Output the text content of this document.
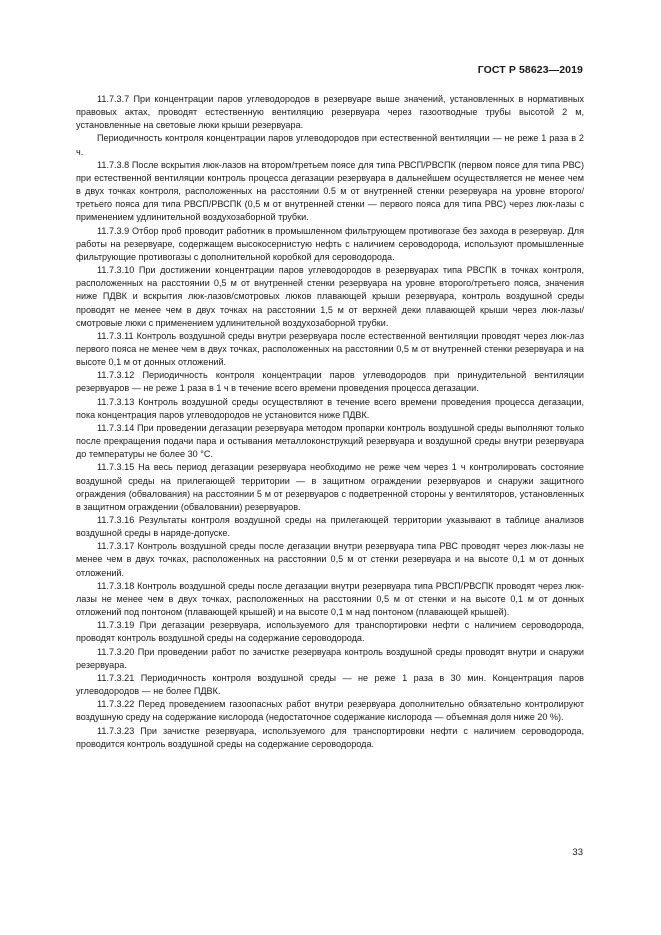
ГОСТ Р 58623—2019

11.7.3.7 При концентрации паров углеводородов в резервуаре выше значений, установленных в нормативных правовых актах, проводят естественную вентиляцию резервуара через газоотводные трубы высотой 2 м, установленные на световые люки крыши резервуара.

Периодичность контроля концентрации паров углеводородов при естественной вентиляции — не реже 1 раза в 2 ч.

11.7.3.8 После вскрытия люк-лазов на втором/третьем поясе для типа РВСП/РВСПК (первом поясе для типа РВС) при естественной вентиляции контроль процесса дегазации резервуара в дальнейшем осуществляется не менее чем в двух точках контроля, расположенных на расстоянии 0.5 м от внутренней стенки резервуара на уровне второго/третьего пояса для типа РВСП/РВСПК (0,5 м от внутренней стенки — первого пояса для типа РВС) через люк-лазы с применением удлинительной воздухозаборной трубки.

11.7.3.9 Отбор проб проводит работник в промышленном фильтрующем противогазе без захода в резервуар. Для работы на резервуаре, содержащем высокосернистую нефть с наличием сероводорода, используют промышленные фильтрующие противогазы с дополнительной коробкой для сероводорода.

11.7.3.10 При достижении концентрации паров углеводородов в резервуарах типа РВСПК в точках контроля, расположенных на расстоянии 0,5 м от внутренней стенки резервуара на уровне второго/третьего пояса, значения ниже ПДВК и вскрытия люк-лазов/смотровых люков плавающей крыши резервуара, контроль воздушной среды проводят не менее чем в двух точках на расстоянии 1,5 м от верхней деки плавающей крыши через люк-лазы/смотровые люки с применением удлинительной воздухозаборной трубки.

11.7.3.11 Контроль воздушной среды внутри резервуара после естественной вентиляции проводят через люк-лаз первого пояса не менее чем в двух точках, расположенных на расстоянии 0,5 м от внутренней стенки резервуара и на высоте 0,1 м от донных отложений.

11.7.3.12 Периодичность контроля концентрации паров углеводородов при принудительной вентиляции резервуаров — не реже 1 раза в 1 ч в течение всего времени проведения процесса дегазации.

11.7.3.13 Контроль воздушной среды осуществляют в течение всего времени проведения процесса дегазации, пока концентрация паров углеводородов не установится ниже ПДВК.

11.7.3.14 При проведении дегазации резервуара методом пропарки контроль воздушной среды выполняют только после прекращения подачи пара и остывания металлоконструкций резервуара и воздушной среды внутри резервуара до температуры не более 30 °С.

11.7.3.15 На весь период дегазации резервуара необходимо не реже чем через 1 ч контролировать состояние воздушной среды на прилегающей территории — в защитном ограждении резервуаров и снаружи защитного ограждения (обвалования) на расстоянии 5 м от резервуаров с подветренной стороны у вентиляторов, установленных в защитном ограждении (обваловании) резервуаров.

11.7.3.16 Результаты контроля воздушной среды на прилегающей территории указывают в таблице анализов воздушной среды в наряде-допуске.

11.7.3.17 Контроль воздушной среды после дегазации внутри резервуара типа РВС проводят через люк-лазы не менее чем в двух точках, расположенных на расстоянии 0,5 м от стенки резервуара и на высоте 0,1 м от донных отложений.

11.7.3.18 Контроль воздушной среды после дегазации внутри резервуара типа РВСП/РВСПК проводят через люк-лазы не менее чем в двух точках, расположенных на расстоянии 0,5 м от стенки и на высоте 0,1 м от донных отложений под понтоном (плавающей крышей) и на высоте 0,1 м над понтоном (плавающей крышей).

11.7.3.19 При дегазации резервуара, используемого для транспортировки нефти с наличием сероводорода, проводят контроль воздушной среды на содержание сероводорода.

11.7.3.20 При проведении работ по зачистке резервуара контроль воздушной среды проводят внутри и снаружи резервуара.

11.7.3.21 Периодичность контроля воздушной среды — не реже 1 раза в 30 мин. Концентрация паров углеводородов — не более ПДВК.

11.7.3.22 Перед проведением газоопасных работ внутри резервуара дополнительно обязательно контролируют воздушную среду на содержание кислорода (недостаточное содержание кислорода — объемная доля ниже 20 %).

11.7.3.23 При зачистке резервуара, используемого для транспортировки нефти с наличием сероводорода, проводится контроль воздушной среды на содержание сероводорода.

33
